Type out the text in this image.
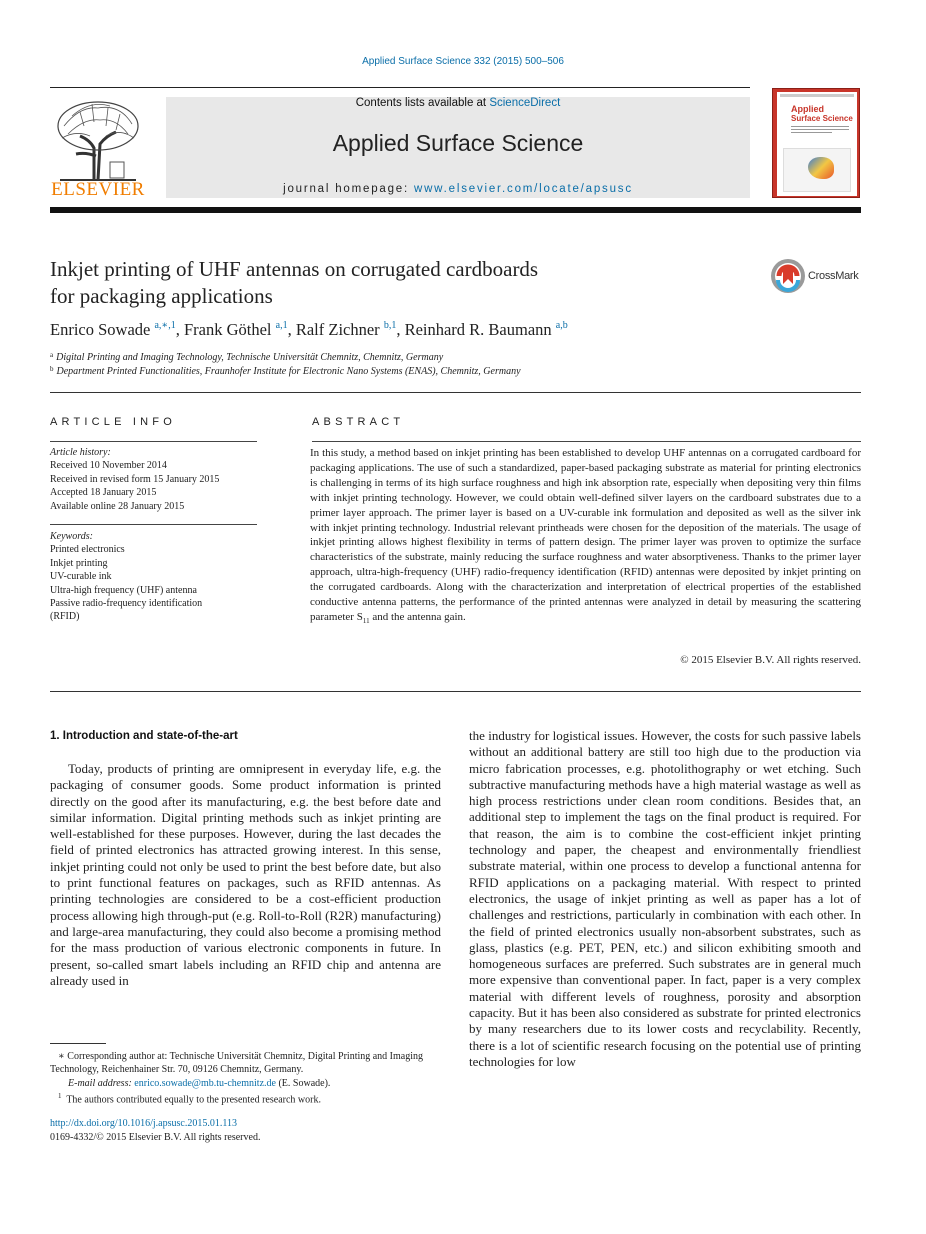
Applied Surface Science 332 (2015) 500–506
ELSEVIER
Contents lists available at ScienceDirect
Applied Surface Science
journal homepage: www.elsevier.com/locate/apsusc
Applied
Surface Science
Inkjet printing of UHF antennas on corrugated cardboards
for packaging applications
CrossMark
Enrico Sowade $^{a,∗,1}$, Frank Göthel $^{a,1}$, Ralf Zichner $^{b,1}$, Reinhard R. Baumann $^{a,b}$
$^a$ Digital Printing and Imaging Technology, Technische Universität Chemnitz, Chemnitz, Germany
$^b$ Department Printed Functionalities, Fraunhofer Institute for Electronic Nano Systems (ENAS), Chemnitz, Germany
ARTICLE INFO	ABSTRACT
Article history:
Received 10 November 2014
Received in revised form 15 January 2015
Accepted 18 January 2015
Available online 28 January 2015
Keywords:
Printed electronics
Inkjet printing
UV-curable ink
Ultra-high frequency (UHF) antenna
Passive radio-frequency identification
(RFID)
In this study, a method based on inkjet printing has been established to develop UHF antennas on a corrugated cardboard for packaging applications. The use of such a standardized, paper-based packaging substrate as material for printing electronics is challenging in terms of its high surface roughness and high ink absorption rate, especially when depositing very thin films with inkjet printing technology. However, we could obtain well-defined silver layers on the cardboard substrates due to a primer layer approach. The primer layer is based on a UV-curable ink formulation and deposited as well as the silver ink with inkjet printing technology. Industrial relevant printheads were chosen for the deposition of the materials. The usage of inkjet printing allows highest flexibility in terms of pattern design. The primer layer was proven to optimize the surface characteristics of the substrate, mainly reducing the surface roughness and water absorptiveness. Thanks to the primer layer approach, ultra-high-frequency (UHF) radio-frequency identification (RFID) antennas were deposited by inkjet printing on the corrugated cardboards. Along with the characterization and interpretation of electrical properties of the established conductive antenna patterns, the performance of the printed antennas were analyzed in detail by measuring the scattering parameter $S_{11}$ and the antenna gain.
© 2015 Elsevier B.V. All rights reserved.
1. Introduction and state-of-the-art
Today, products of printing are omnipresent in everyday life, e.g. the packaging of consumer goods. Some product information is printed directly on the good after its manufacturing, e.g. the best before date and similar information. Digital printing methods such as inkjet printing are well-established for these purposes. However, during the last decades the field of printed electronics has attracted growing interest. In this sense, inkjet printing could not only be used to print the best before date, but also to print functional features on packages, such as RFID antennas. As printing technologies are considered to be a cost-efficient production process allowing high through-put (e.g. Roll-to-Roll (R2R) manufacturing) and large-area manufacturing, they could also become a promising method for the mass production of various electronic components in future. In present, so-called smart labels including an RFID chip and antenna are already used in
the industry for logistical issues. However, the costs for such passive labels without an additional battery are still too high due to the production via micro fabrication processes, e.g. photolithography or wet etching. Such subtractive manufacturing methods have a high material wastage as well as high process restrictions under clean room conditions. Besides that, an additional step to implement the tags on the final product is required. For that reason, the aim is to combine the cost-efficient inkjet printing technology and paper, the cheapest and environmentally friendliest substrate material, within one process to develop a functional antenna for RFID applications on a packaging material. With respect to printed electronics, the usage of inkjet printing as well as paper has a lot of challenges and restrictions, particularly in combination with each other. In the field of printed electronics usually non-absorbent substrates, such as glass, plastics (e.g. PET, PEN, etc.) and silicon exhibiting smooth and homogeneous surfaces are preferred. Such substrates are in general much more expensive than conventional paper. In fact, paper is a very complex material with different levels of roughness, porosity and absorption capacity. But it has been also considered as substrate for printed electronics by many researchers due to its lower costs and recyclability. Recently, there is a lot of scientific research focusing on the potential use of printing technologies for low
∗ Corresponding author at: Technische Universität Chemnitz, Digital Printing and Imaging Technology, Reichenhainer Str. 70, 09126 Chemnitz, Germany.
E-mail address: enrico.sowade@mb.tu-chemnitz.de (E. Sowade).
$^1$ The authors contributed equally to the presented research work.
http://dx.doi.org/10.1016/j.apsusc.2015.01.113
0169-4332/© 2015 Elsevier B.V. All rights reserved.
